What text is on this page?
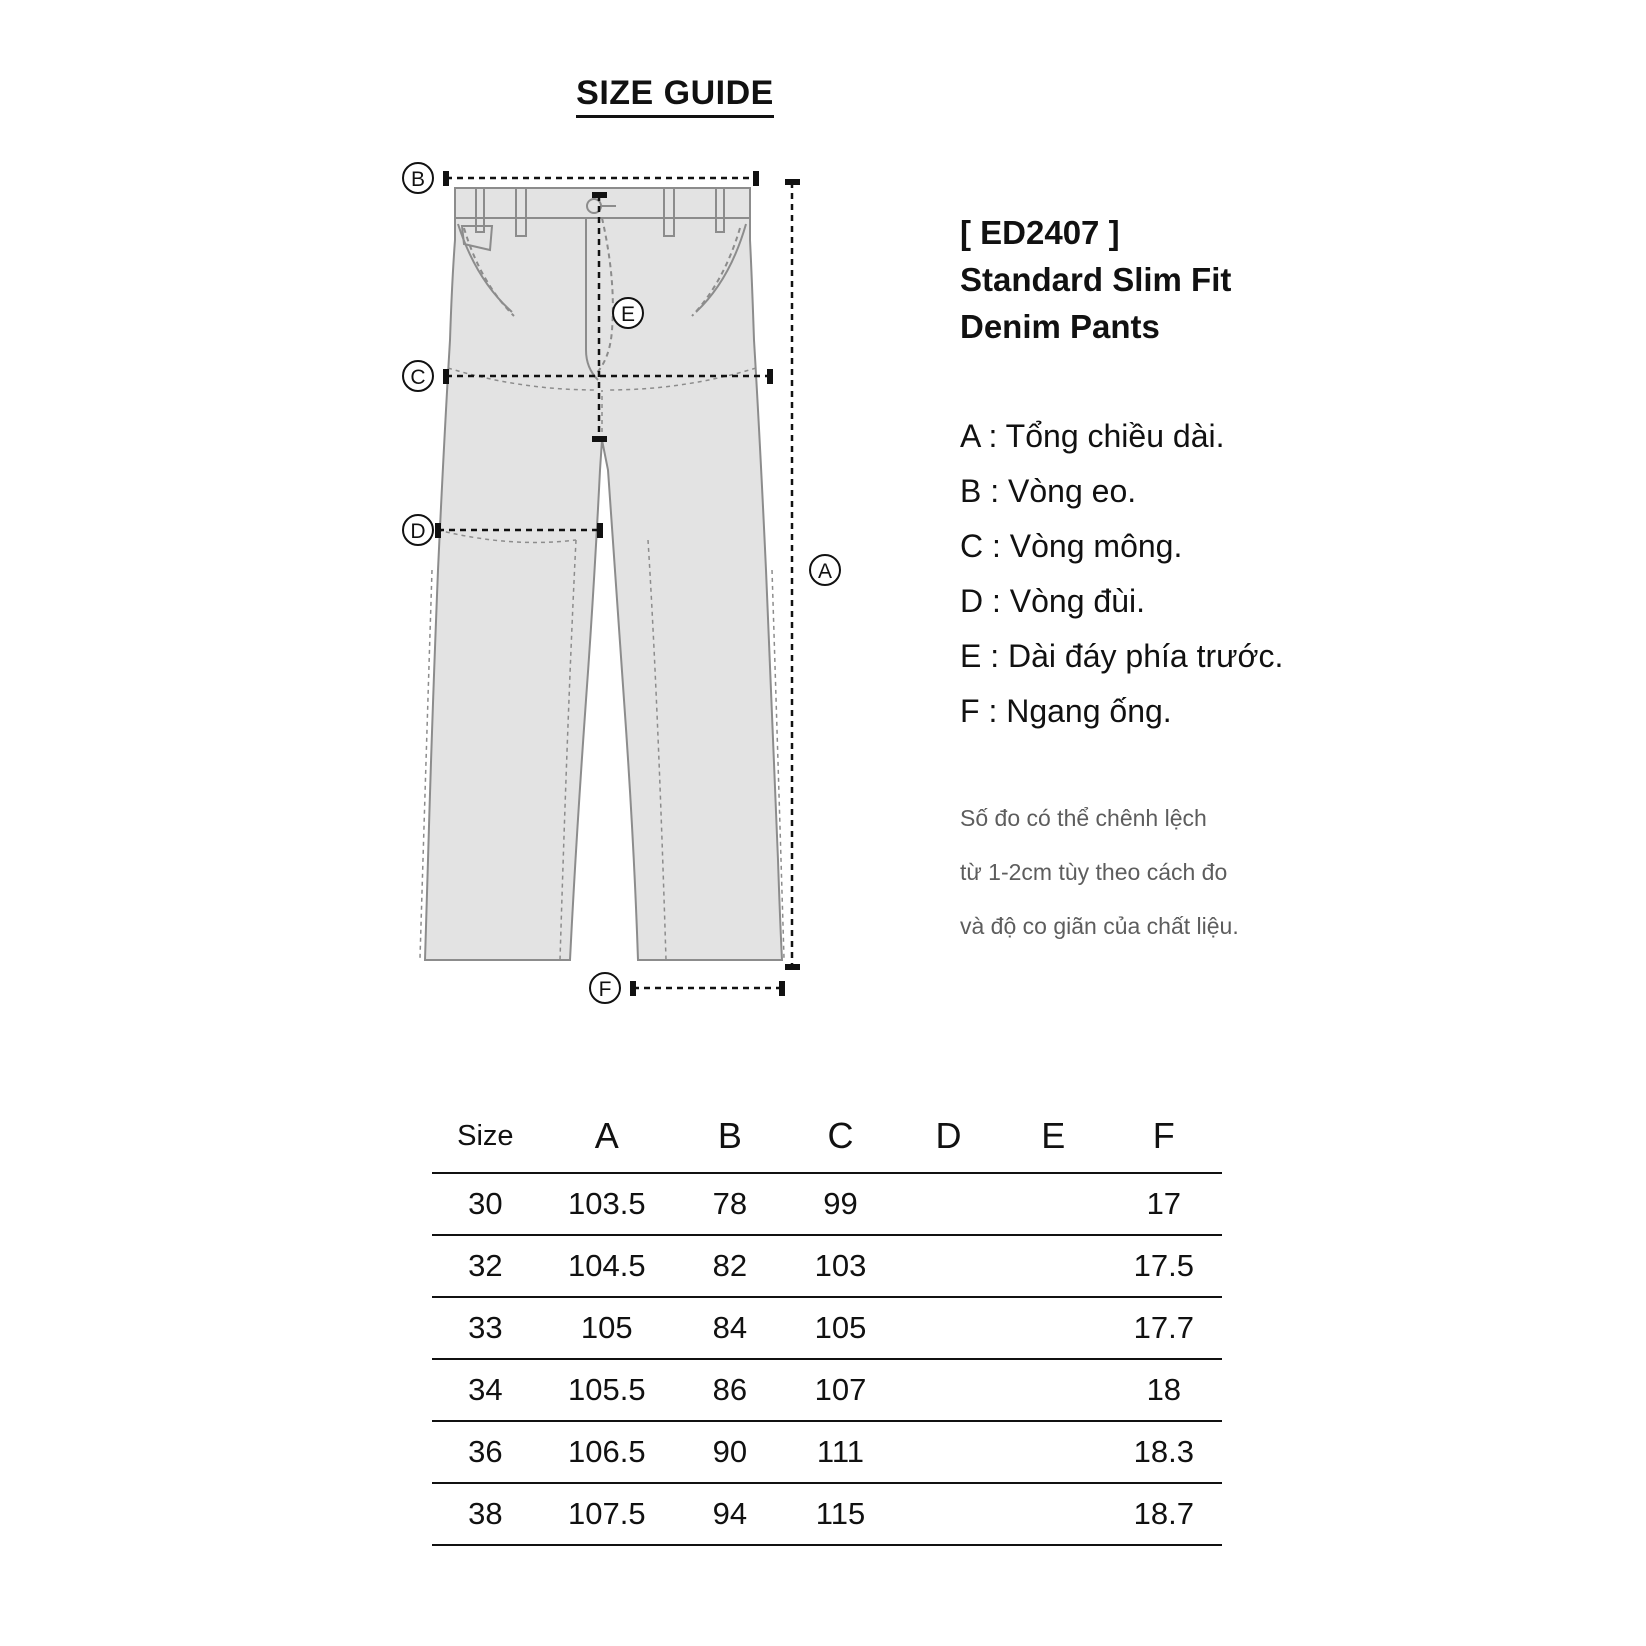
SIZE GUIDE
B
C
D
E
A
F
[ ED2407 ]
Standard Slim Fit
Denim Pants
A : Tổng chiều dài.
B : Vòng eo.
C : Vòng mông.
D : Vòng đùi.
E : Dài đáy phía trước.
F : Ngang ống.
Số đo có thể chênh lệch
từ 1-2cm tùy theo cách đo
và độ co giãn của chất liệu.
Size	A	B	C	D	E	F
30	103.5	78	99			17
32	104.5	82	103			17.5
33	105	84	105			17.7
34	105.5	86	107			18
36	106.5	90	111			18.3
38	107.5	94	115			18.7
